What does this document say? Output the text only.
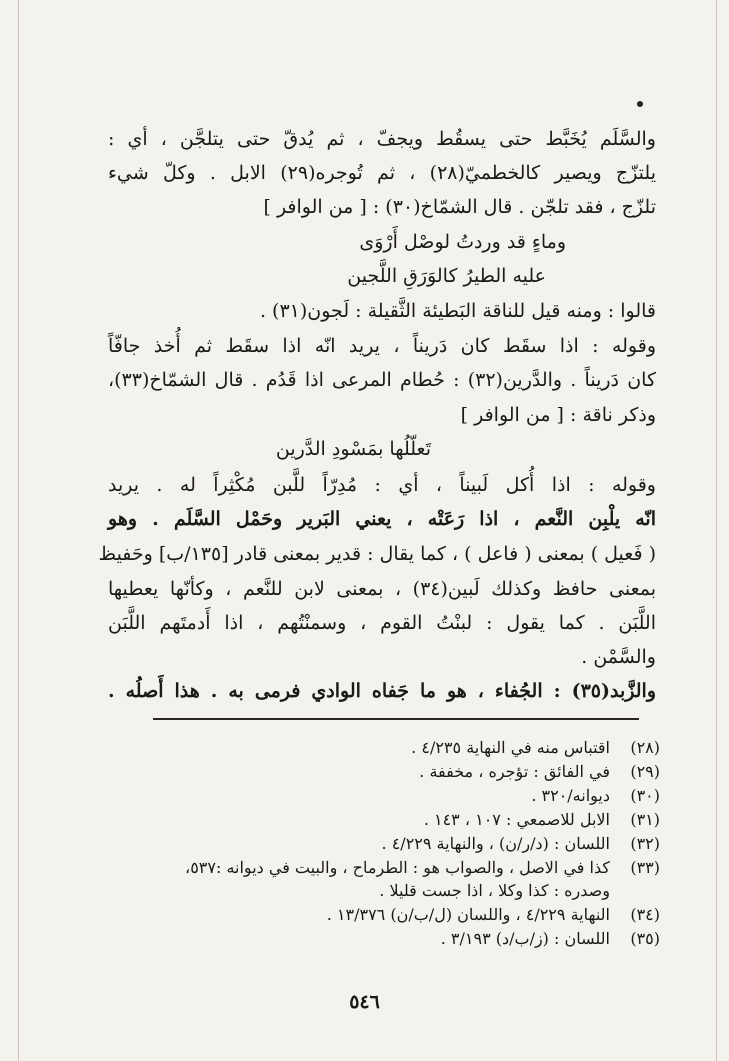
والسَّلَم يُخَبَّط حتى يسقُط ويجفّ ، ثم يُدقّ حتى يتلجَّن ، أي :
يلتزّج ويصير كالخطميّ(٢٨) ، ثم تُوجره(٢٩) الابل . وكلّ شيء
تلزّج ، فقد تلجّن . قال الشمّاخ(٣٠) : [ من الوافر ]
وماءٍ قد وردتُ لوصْل أَرْوَى
عليه الطيرُ كالوَرَقِ اللَّجين
قالوا : ومنه قيل للناقة البَطيئة الثَّقيلة : لَجون(٣١) .
وقوله : اذا سقَط كان دَريناً ، يريد انّه اذا سقَط ثم أُخذ جافّاً
كان دَريناً . والدَّرين(٣٢) : حُطام المرعى اذا قَدُم . قال الشمّاخ(٣٣)،
وذكر ناقة : [ من الوافر ]
تَعلّلُها بمَسْودِ الدَّرين
وقوله : اذا أُكل لَبيناً ، أي : مُدِرّاً للَّبن مُكْثِراً له . يريد
انّه يلْبِن النَّعم ، اذا رَعَتْه ، يعني البَرير وحَمْل السَّلَم . وهو
( فَعيل ) بمعنى ( فاعل ) ، كما يقال : قدير بمعنى قادر [١٣٥/ب] وحَفيظ
بمعنى حافظ وكذلك لَبين(٣٤) ، بمعنى لابن للنَّعم ، وكأنّها يعطيها
اللَّبَن . كما يقول : لبنْتُ القوم ، وسمنْتُهم ، اذا أَدمتَهم اللَّبَن
والسَّمْن .
والزَّبد(٣٥) : الجُفاء ، هو ما جَفاه الوادي فرمى به . هذا أَصلُه .
(٢٨)
اقتباس منه في النهاية ٤/٢٣٥ .
(٢٩)
في الفائق : تؤجره ، مخففة .
(٣٠)
ديوانه/٣٢٠ .
(٣١)
الابل للاصمعي : ١٠٧ ، ١٤٣ .
(٣٢)
اللسان : (د/ر/ن) ، والنهاية ٤/٢٢٩ .
(٣٣)
كذا في الاصل ، والصواب هو : الطرماح ، والبيت في ديوانه :٥٣٧،
وصدره : كذا وكلا ، اذا جست قليلا .
(٣٤)
النهاية ٤/٢٢٩ ، واللسان (ل/ب/ن) ١٣/٣٧٦ .
(٣٥)
اللسان : (ز/ب/د) ٣/١٩٣ .
٥٤٦
